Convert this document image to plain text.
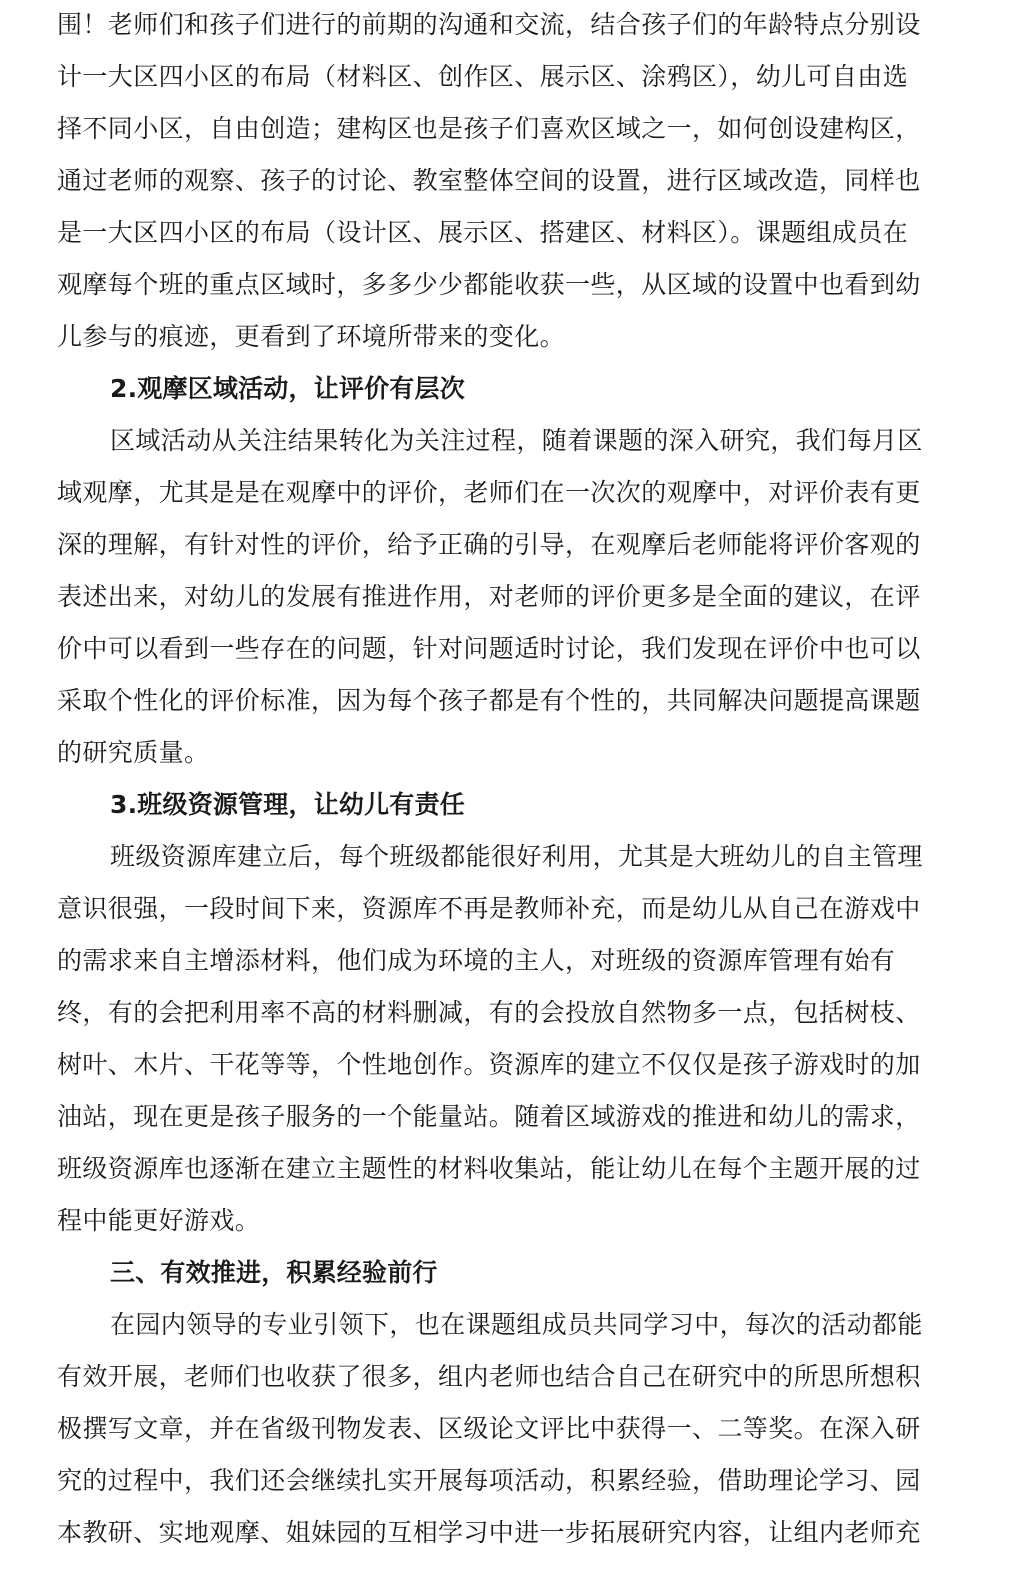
围！老师们和孩子们进行的前期的沟通和交流，结合孩子们的年龄特点分别设
计一大区四小区的布局（材料区、创作区、展示区、涂鸦区），幼儿可自由选
择不同小区，自由创造；建构区也是孩子们喜欢区域之一，如何创设建构区，
通过老师的观察、孩子的讨论、教室整体空间的设置，进行区域改造，同样也
是一大区四小区的布局（设计区、展示区、搭建区、材料区）。课题组成员在
观摩每个班的重点区域时，多多少少都能收获一些，从区域的设置中也看到幼
儿参与的痕迹，更看到了环境所带来的变化。
2.观摩区域活动，让评价有层次
区域活动从关注结果转化为关注过程，随着课题的深入研究，我们每月区
域观摩，尤其是是在观摩中的评价，老师们在一次次的观摩中，对评价表有更
深的理解，有针对性的评价，给予正确的引导，在观摩后老师能将评价客观的
表述出来，对幼儿的发展有推进作用，对老师的评价更多是全面的建议，在评
价中可以看到一些存在的问题，针对问题适时讨论，我们发现在评价中也可以
采取个性化的评价标准，因为每个孩子都是有个性的，共同解决问题提高课题
的研究质量。
3.班级资源管理，让幼儿有责任
班级资源库建立后，每个班级都能很好利用，尤其是大班幼儿的自主管理
意识很强，一段时间下来，资源库不再是教师补充，而是幼儿从自己在游戏中
的需求来自主增添材料，他们成为环境的主人，对班级的资源库管理有始有
终，有的会把利用率不高的材料删减，有的会投放自然物多一点，包括树枝、
树叶、木片、干花等等，个性地创作。资源库的建立不仅仅是孩子游戏时的加
油站，现在更是孩子服务的一个能量站。随着区域游戏的推进和幼儿的需求，
班级资源库也逐渐在建立主题性的材料收集站，能让幼儿在每个主题开展的过
程中能更好游戏。
三、有效推进，积累经验前行
在园内领导的专业引领下，也在课题组成员共同学习中，每次的活动都能
有效开展，老师们也收获了很多，组内老师也结合自己在研究中的所思所想积
极撰写文章，并在省级刊物发表、区级论文评比中获得一、二等奖。在深入研
究的过程中，我们还会继续扎实开展每项活动，积累经验，借助理论学习、园
本教研、实地观摩、姐妹园的互相学习中进一步拓展研究内容，让组内老师充
